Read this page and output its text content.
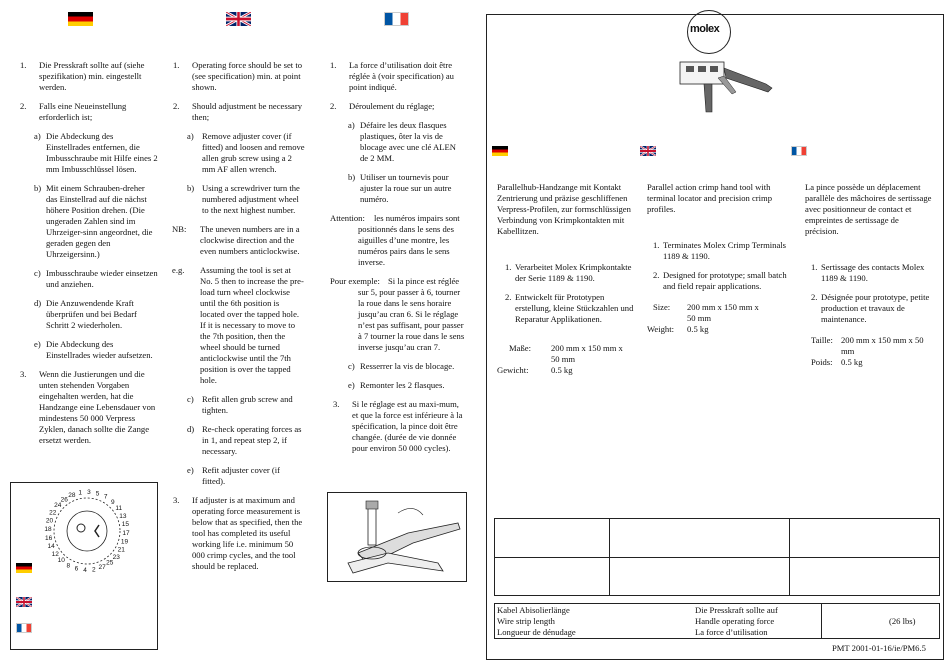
1. Die Presskraft sollte auf (siehe spezifikation) min. eingestellt werden.
2. Falls eine Neueinstellung erforderlich ist;
a) Die Abdeckung des Einstellrades entfernen, die Imbusschraube mit Hilfe eines 2 mm Imbusschlüssel lösen.
b) Mit einem Schrauben-dreher das Einstellrad auf die nächst höhere Position drehen. (Die ungeraden Zahlen sind im Uhrzeiger-sinn angeordnet, die geraden gegen den Uhrzeigersinn.)
c) Imbusschraube wieder einsetzen und anziehen.
d) Die Anzuwendende Kraft überprüfen und bei Bedarf Schritt 2 wiederholen.
e) Die Abdeckung des Einstellrades wieder aufsetzen.
3. Wenn die Justierungen und die unten stehenden Vorgaben eingehalten werden, hat die Handzange eine Lebensdauer von mindestens 50 000 Verpress Zyklen, danach sollte die Zange ersetzt werden.
1 3 5 7
9
11
13
15
17
19
21
23
25
27
2
4
6
8
10
12
14
16
18
20
22
24
26
28
1. Operating force should be set to (see specification) min. at point shown.
2. Should adjustment be necessary then;
a) Remove adjuster cover (if fitted) and loosen and remove allen grub screw using a 2 mm AF allen wrench.
b) Using a screwdriver turn the numbered adjustment wheel to the next highest number.
NB: The uneven numbers are in a clockwise direction and the even numbers anticlockwise.
e.g. Assuming the tool is set at No. 5 then to increase the pre-load turn wheel clockwise until the 6th position is located over the tapped hole. If it is necessary to move to the 7th position, then the wheel should be turned anticlockwise until the 7th position is over the tapped hole.
c) Refit allen grub screw and tighten.
d) Re-check operating forces as in 1, and repeat step 2, if necessary.
e) Refit adjuster cover (if fitted).
3. If adjuster is at maximum and operating force measurement is below that as specified, then the tool has completed its useful working life i.e. minimum 50 000 crimp cycles, and the tool should be replaced.
1. La force d’utilisation doit être réglée à (voir specification) au point indiqué.
2. Déroulement du réglage;
a) Défaire les deux flasques plastiques, ôter la vis de blocage avec une clé ALEN de 2 MM.
b) Utiliser un tournevis pour ajuster la roue sur un autre numéro.
Attention: les numéros impairs sont positionnés dans le sens des aiguilles d’une montre, les numéros pairs dans le sens inverse.
Pour exemple: Si la pince est réglée sur 5, pour passer à 6, tourner la roue dans le sens horaire jusqu’au cran 6. Si le réglage n’est pas suffisant, pour passer à 7 tourner la roue dans le sens inverse jusqu’au cran 7.
c) Resserrer la vis de blocage.
e) Remonter les 2 flasques.
3. Si le réglage est au maxi-mum, et que la force est inférieure à la spécification, la pince doit être changée. (durée de vie donnée pour environ 50 000 cycles).
molex
Parallelhub-Handzange mit Kontakt Zentrierung und präzise geschliffenen Verpress-Profilen, zur formschlüssigen Verbindung von Krimpkontakten mit Kabellitzen.
1. Verarbeitet Molex Krimpkontakte der Serie 1189 & 1190.
2. Entwickelt für Prototypen erstellung, kleine Stückzahlen und Reparatur Applikationen.
Maße:	200 mm x 150 mm x 50 mm
Gewicht:	0.5 kg
Parallel action crimp hand tool with terminal locator and precision crimp profiles.
1. Terminates Molex Crimp Terminals 1189 & 1190.
2. Designed for prototype; small batch and field repair applications.
Size:	200 mm x 150 mm x 50 mm
Weight:	0.5 kg
La pince possède un déplacement parallèle des mâchoires de sertissage avec positionneur de contact et empreintes de sertissage de précision.
1. Sertissage des contacts Molex 1189 & 1190.
2. Désignée pour prototype, petite production et travaux de maintenance.
Taille: 200 mm x 150 mm x 50 mm
Poids: 0.5 kg

Kabel Abisolierlänge
Wire strip length
Longueur de dénudage
Die Presskraft sollte auf
Handle operating force
La force d’utilisation
(26 lbs)
PMT 2001-01-16/ie/PM6.5
